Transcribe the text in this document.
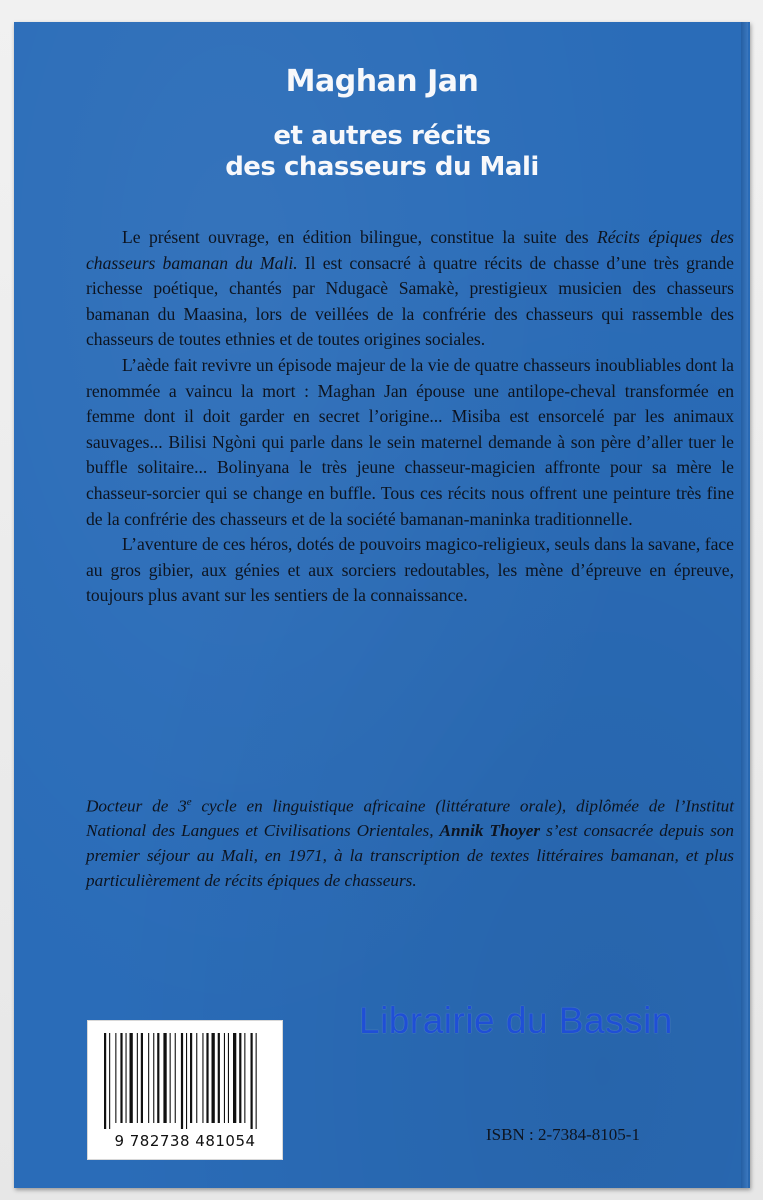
Maghan Jan
et autres récits
des chasseurs du Mali

Le présent ouvrage, en édition bilingue, constitue la suite des Récits épiques des chasseurs bamanan du Mali. Il est consacré à quatre récits de chasse d’une très grande richesse poétique, chantés par Ndugacè Samakè, prestigieux musicien des chasseurs bamanan du Maasina, lors de veillées de la confrérie des chasseurs qui rassemble des chasseurs de toutes ethnies et de toutes origines sociales.

L’aède fait revivre un épisode majeur de la vie de quatre chasseurs inoubliables dont la renommée a vaincu la mort : Maghan Jan épouse une antilope-cheval transformée en femme dont il doit garder en secret l’origine... Misiba est ensorcelé par les animaux sauvages... Bilisi Ngòni qui parle dans le sein maternel demande à son père d’aller tuer le buffle solitaire... Bolinyana le très jeune chasseur-magicien affronte pour sa mère le chasseur-sorcier qui se change en buffle. Tous ces récits nous offrent une peinture très fine de la confrérie des chasseurs et de la société bamanan-maninka traditionnelle.

L’aventure de ces héros, dotés de pouvoirs magico-religieux, seuls dans la savane, face au gros gibier, aux génies et aux sorciers redoutables, les mène d’épreuve en épreuve, toujours plus avant sur les sentiers de la connaissance.

Docteur de 3e cycle en linguistique africaine (littérature orale), diplômée de l’Institut National des Langues et Civilisations Orientales, Annik Thoyer s’est consacrée depuis son premier séjour au Mali, en 1971, à la transcription de textes littéraires bamanan, et plus particulièrement de récits épiques de chasseurs.
9 782738 481054
Librairie du Bassin
ISBN : 2-7384-8105-1
